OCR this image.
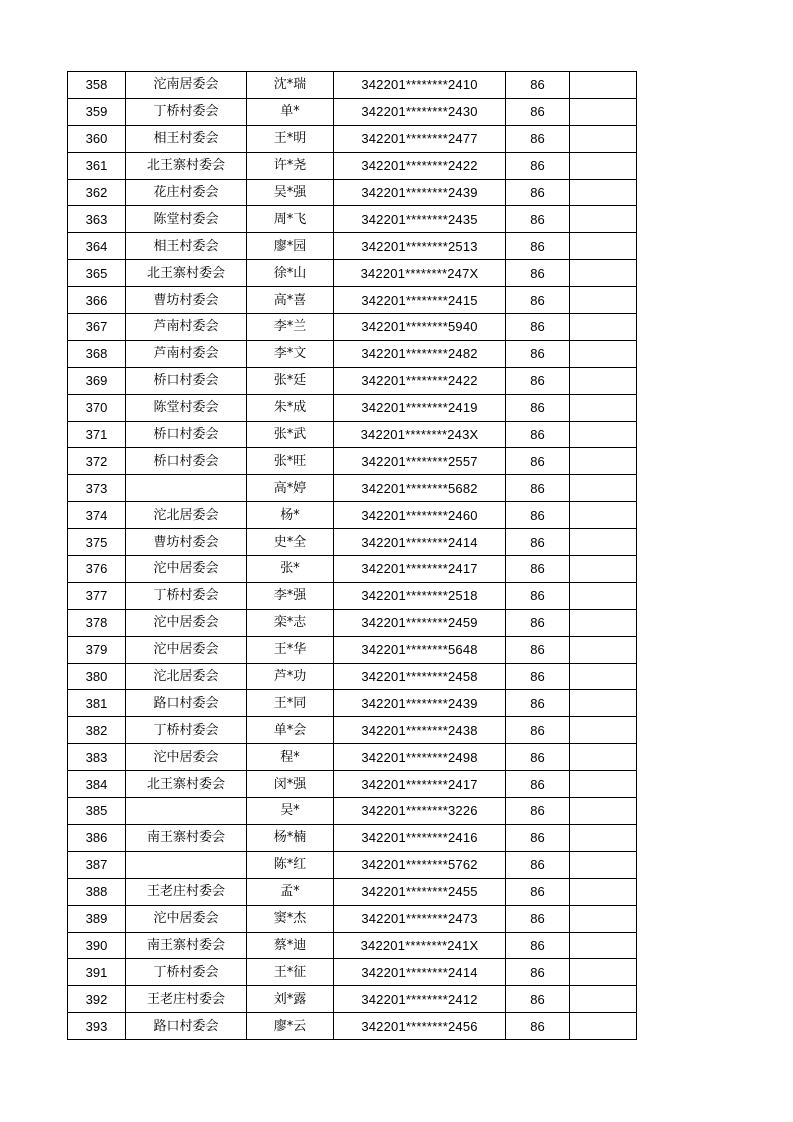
358	沱南居委会	沈*瑞	342201********2410	86	
359	丁桥村委会	单*	342201********2430	86	
360	相王村委会	王*明	342201********2477	86	
361	北王寨村委会	许*尧	342201********2422	86	
362	花庄村委会	吴*强	342201********2439	86	
363	陈堂村委会	周*飞	342201********2435	86	
364	相王村委会	廖*园	342201********2513	86	
365	北王寨村委会	徐*山	342201********247X	86	
366	曹坊村委会	高*喜	342201********2415	86	
367	芦南村委会	李*兰	342201********5940	86	
368	芦南村委会	李*文	342201********2482	86	
369	桥口村委会	张*廷	342201********2422	86	
370	陈堂村委会	朱*成	342201********2419	86	
371	桥口村委会	张*武	342201********243X	86	
372	桥口村委会	张*旺	342201********2557	86	
373		高*婷	342201********5682	86	
374	沱北居委会	杨*	342201********2460	86	
375	曹坊村委会	史*全	342201********2414	86	
376	沱中居委会	张*	342201********2417	86	
377	丁桥村委会	李*强	342201********2518	86	
378	沱中居委会	栾*志	342201********2459	86	
379	沱中居委会	王*华	342201********5648	86	
380	沱北居委会	芦*功	342201********2458	86	
381	路口村委会	王*同	342201********2439	86	
382	丁桥村委会	单*会	342201********2438	86	
383	沱中居委会	程*	342201********2498	86	
384	北王寨村委会	闵*强	342201********2417	86	
385		吴*	342201********3226	86	
386	南王寨村委会	杨*楠	342201********2416	86	
387		陈*红	342201********5762	86	
388	王老庄村委会	孟*	342201********2455	86	
389	沱中居委会	窦*杰	342201********2473	86	
390	南王寨村委会	蔡*迪	342201********241X	86	
391	丁桥村委会	王*征	342201********2414	86	
392	王老庄村委会	刘*露	342201********2412	86	
393	路口村委会	廖*云	342201********2456	86	
